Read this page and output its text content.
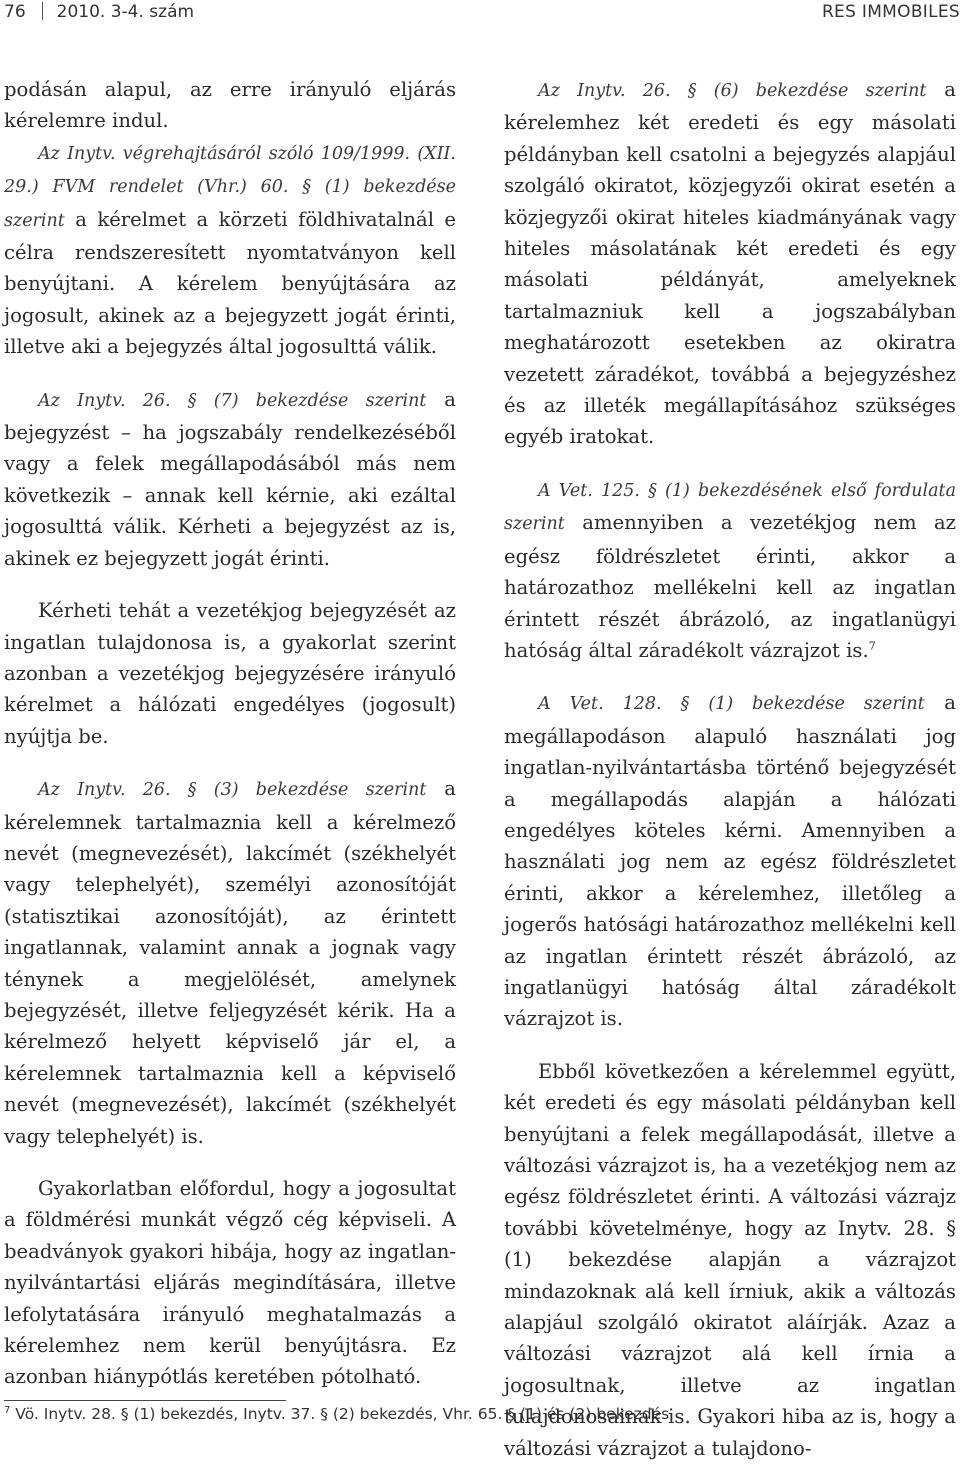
76 2010. 3-4. szám	RES IMMOBILES

podásán alapul, az erre irányuló eljárás kérelemre indul.

Az Inytv. végrehajtásáról szóló 109/1999. (XII. 29.) FVM rendelet (Vhr.) 60. § (1) bekezdése szerint a kérelmet a körzeti földhivatalnál e célra rendszeresített nyomtatványon kell benyújtani. A kérelem benyújtására az jogosult, akinek az a bejegyzett jogát érinti, illetve aki a bejegyzés által jogosulttá válik.

Az Inytv. 26. § (7) bekezdése szerint a bejegyzést – ha jogszabály rendelkezéséből vagy a felek megállapodásából más nem következik – annak kell kérnie, aki ezáltal jogosulttá válik. Kérheti a bejegyzést az is, akinek ez bejegyzett jogát érinti.

Kérheti tehát a vezetékjog bejegyzését az ingatlan tulajdonosa is, a gyakorlat szerint azonban a vezetékjog bejegyzésére irányuló kérelmet a hálózati engedélyes (jogosult) nyújtja be.

Az Inytv. 26. § (3) bekezdése szerint a kérelemnek tartalmaznia kell a kérelmező nevét (megnevezését), lakcímét (székhelyét vagy telephelyét), személyi azonosítóját (statisztikai azonosítóját), az érintett ingatlannak, valamint annak a jognak vagy ténynek a megjelölését, amelynek bejegyzését, illetve feljegyzését kérik. Ha a kérelmező helyett képviselő jár el, a kérelemnek tartalmaznia kell a képviselő nevét (megnevezését), lakcímét (székhelyét vagy telephelyét) is.

Gyakorlatban előfordul, hogy a jogosultat a földmérési munkát végző cég képviseli. A beadványok gyakori hibája, hogy az ingatlan-nyilvántartási eljárás megindítására, illetve lefolytatására irányuló meghatalmazás a kérelemhez nem kerül benyújtásra. Ez azonban hiánypótlás keretében pótolható.

Az Inytv. 26. § (6) bekezdése szerint a kérelemhez két eredeti és egy másolati példányban kell csatolni a bejegyzés alapjául szolgáló okiratot, közjegyzői okirat esetén a közjegyzői okirat hiteles kiadmányának vagy hiteles másolatának két eredeti és egy másolati példányát, amelyeknek tartalmazniuk kell a jogszabályban meghatározott esetekben az okiratra vezetett záradékot, továbbá a bejegyzéshez és az illeték megállapításához szükséges egyéb iratokat.

A Vet. 125. § (1) bekezdésének első fordulata szerint amennyiben a vezetékjog nem az egész földrészletet érinti, akkor a határozathoz mellékelni kell az ingatlan érintett részét ábrázoló, az ingatlanügyi hatóság által záradékolt vázrajzot is.$^7$

A Vet. 128. § (1) bekezdése szerint a megállapodáson alapuló használati jog ingatlan-nyilvántartásba történő bejegyzését a megállapodás alapján a hálózati engedélyes köteles kérni. Amennyiben a használati jog nem az egész földrészletet érinti, akkor a kérelemhez, illetőleg a jogerős hatósági határozathoz mellékelni kell az ingatlan érintett részét ábrázoló, az ingatlanügyi hatóság által záradékolt vázrajzot is.

Ebből következően a kérelemmel együtt, két eredeti és egy másolati példányban kell benyújtani a felek megállapodását, illetve a változási vázrajzot is, ha a vezetékjog nem az egész földrészletet érinti. A változási vázrajz további követelménye, hogy az Inytv. 28. § (1) bekezdése alapján a vázrajzot mindazoknak alá kell írniuk, akik a változás alapjául szolgáló okiratot aláírják. Azaz a változási vázrajzot alá kell írnia a jogosultnak, illetve az ingatlan tulajdonosainak is. Gyakori hiba az is, hogy a változási vázrajzot a tulajdono-

$^7$ Vö. Inytv. 28. § (1) bekezdés, Inytv. 37. § (2) bekezdés, Vhr. 65. § (1) és (2) bekezdés
